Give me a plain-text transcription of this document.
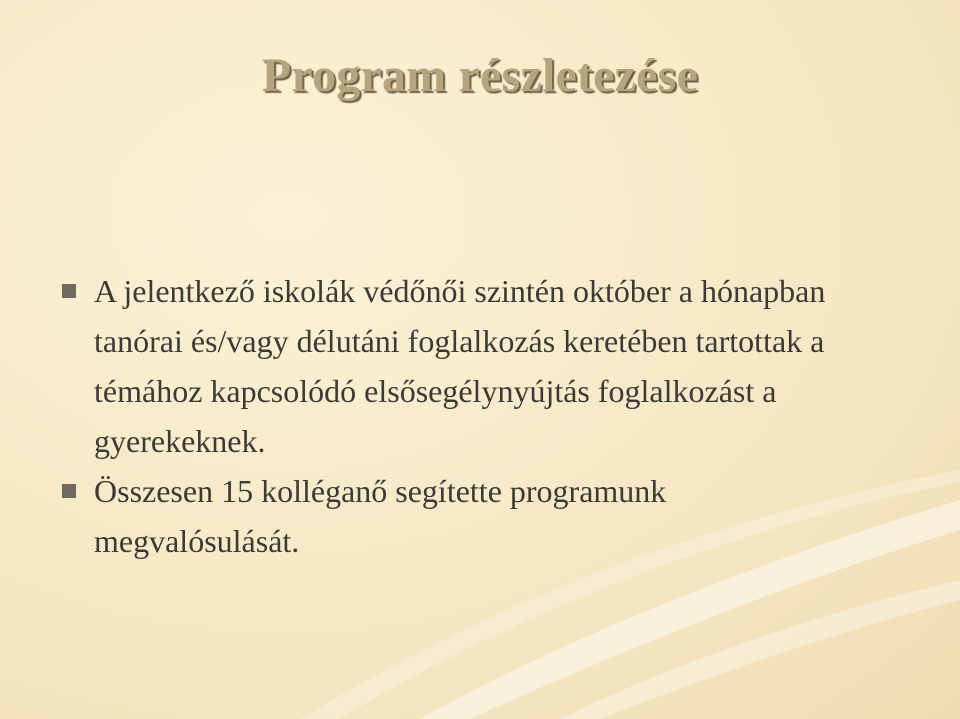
Program részletezése
A jelentkező iskolák védőnői szintén október a hónapban tanórai és/vagy délutáni foglalkozás keretében tartottak a témához kapcsolódó elsősegélynyújtás foglalkozást a gyerekeknek.
Összesen 15 kolléganő segítette programunk megvalósulását.
